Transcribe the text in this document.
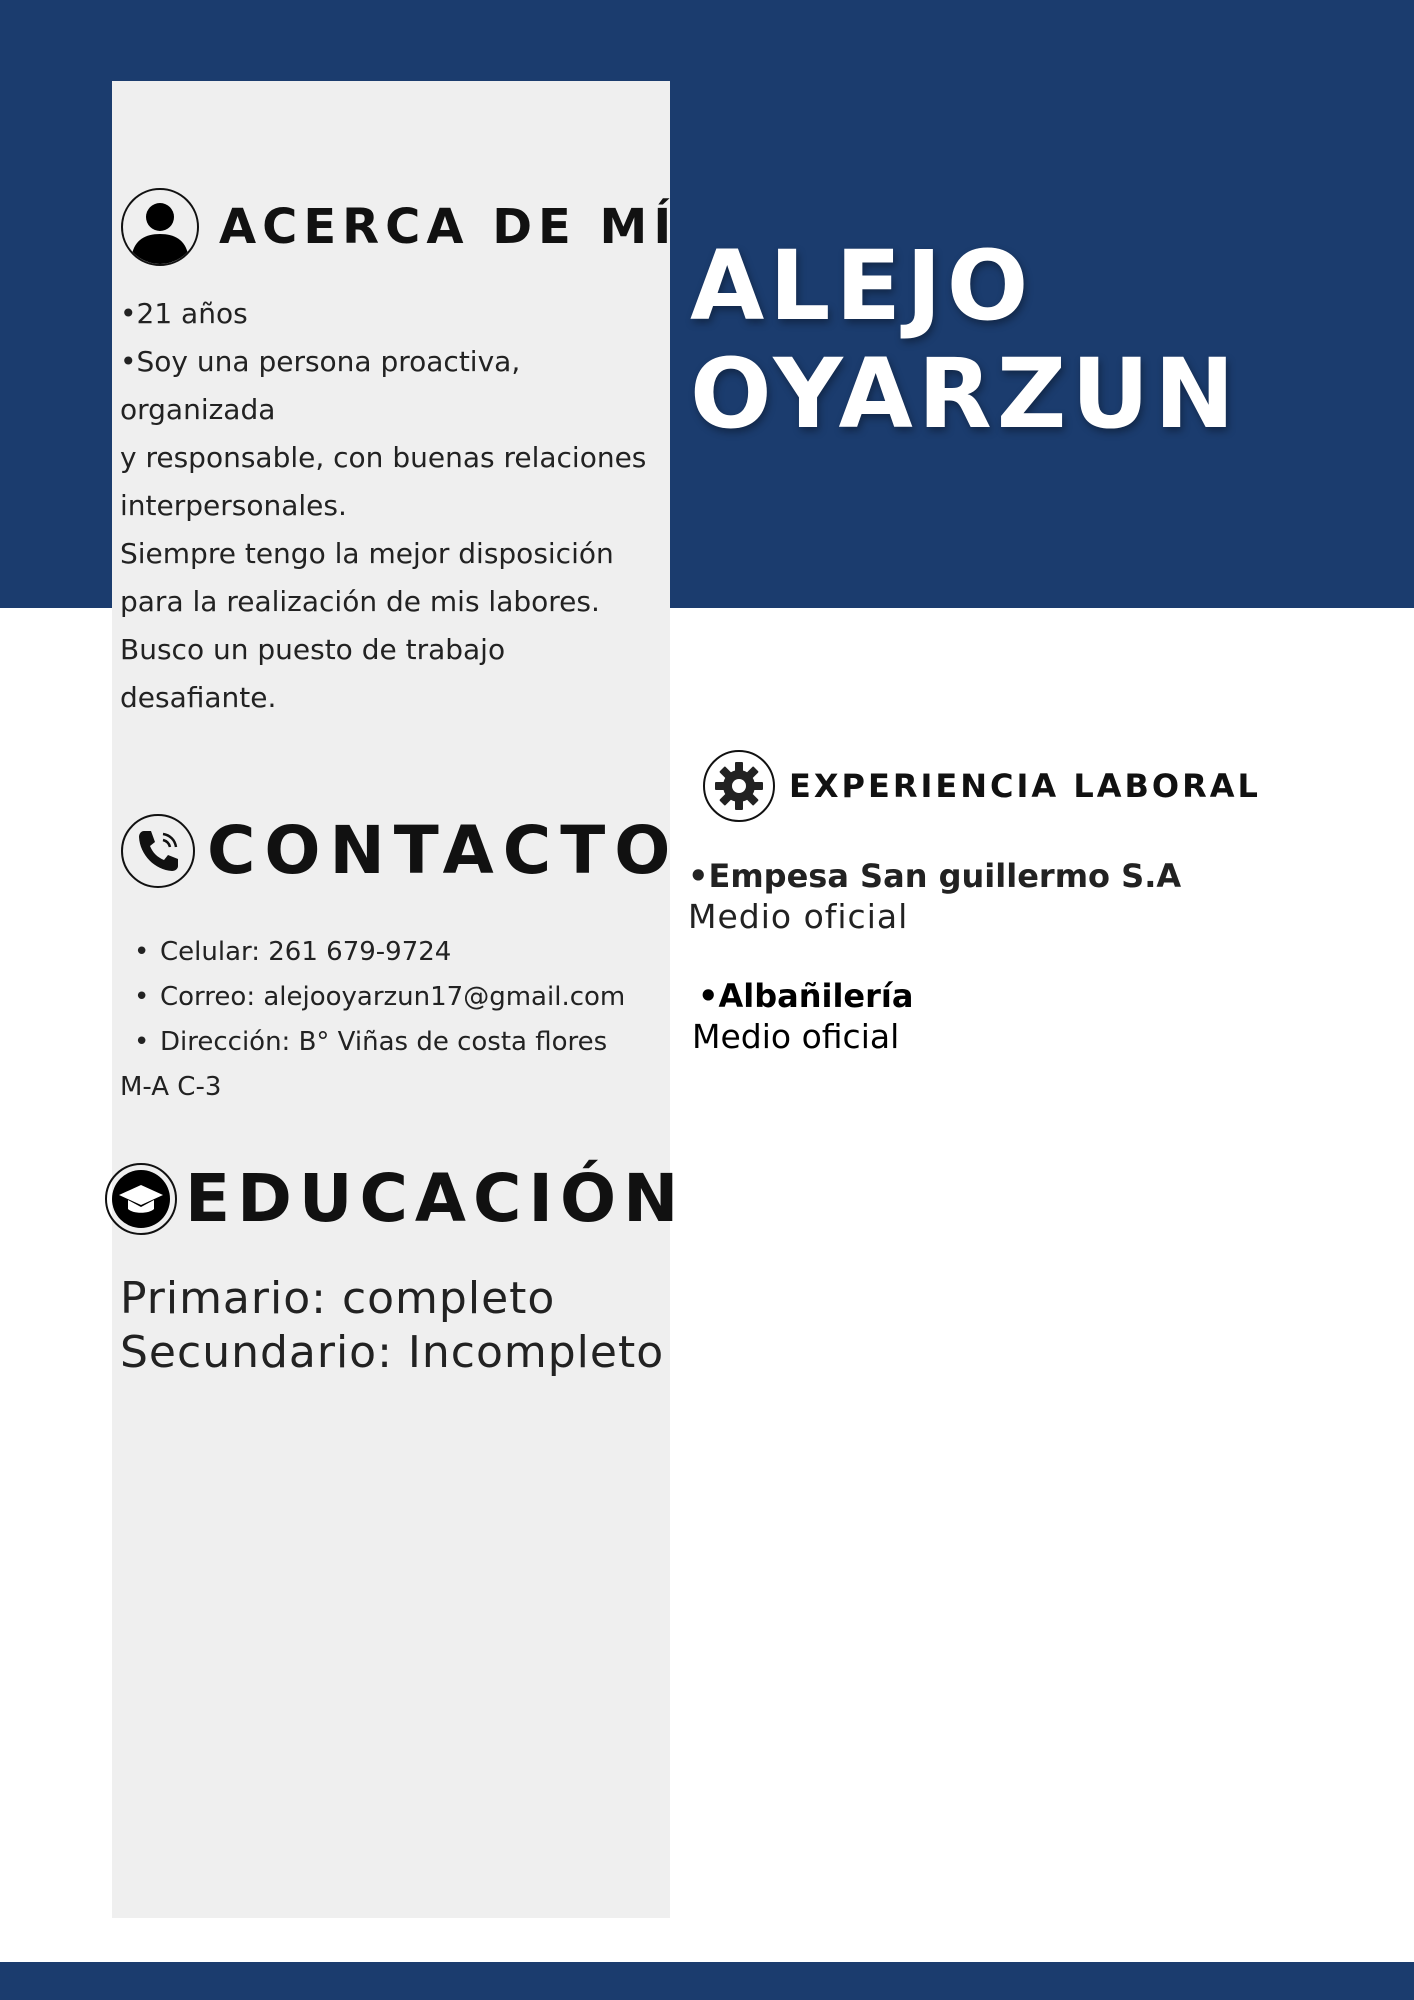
ALEJO
OYARZUN
ACERCA DE MÍ
•21 años
•Soy una persona proactiva,
organizada
y responsable, con buenas relaciones
interpersonales.
Siempre tengo la mejor disposición
para la realización de mis labores.
Busco un puesto de trabajo
desafiante.
CONTACTO
• Celular: 261 679-9724
• Correo: alejooyarzun17@gmail.com
• Dirección: B° Viñas de costa flores
M-A C-3
EDUCACIÓN
Primario: completo
Secundario: Incompleto
EXPERIENCIA LABORAL
•Empesa San guillermo S.A
Medio oficial
•Albañilería
Medio oficial
